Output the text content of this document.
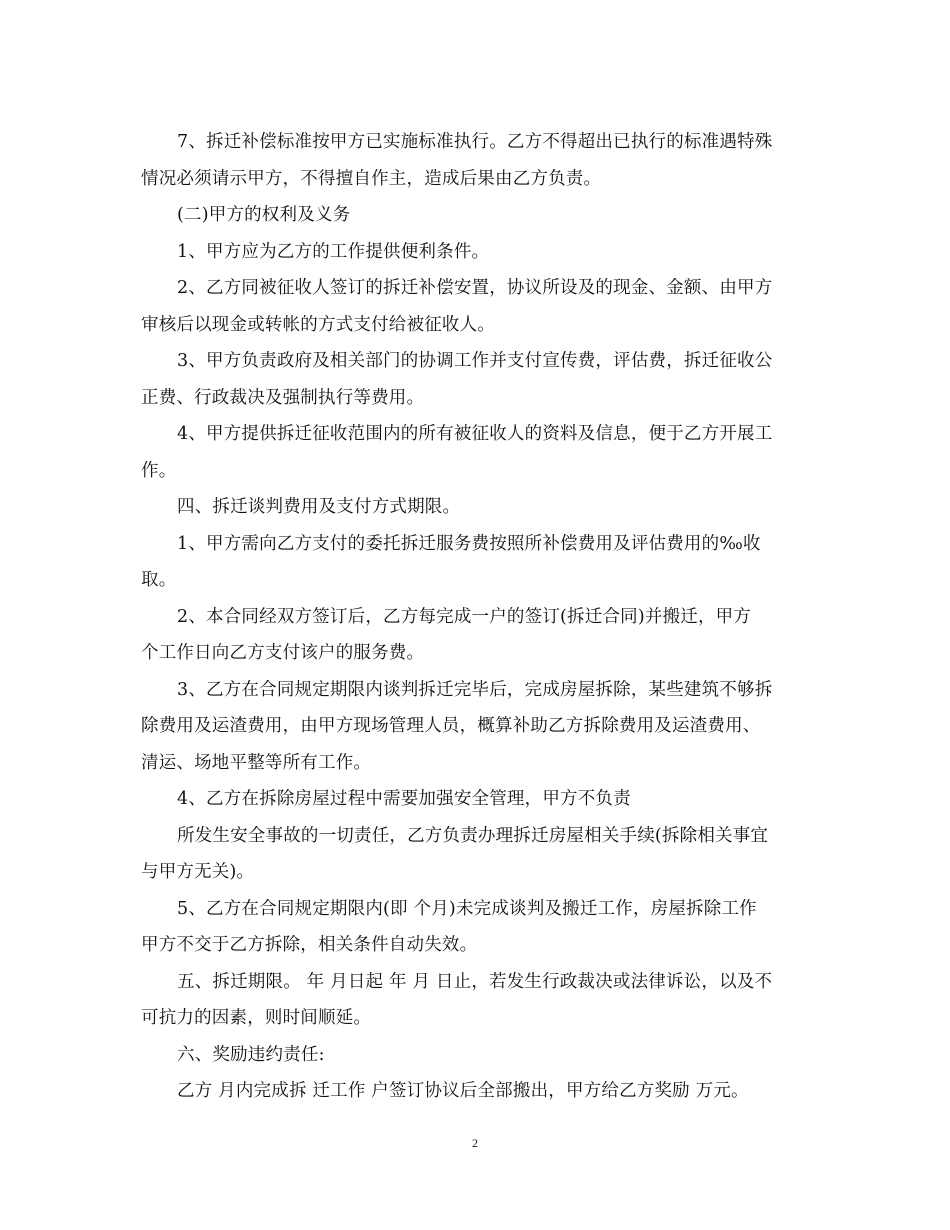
7、拆迁补偿标准按甲方已实施标准执行。乙方不得超出已执行的标准遇特殊
情况必须请示甲方，不得擅自作主，造成后果由乙方负责。
(二)甲方的权利及义务
1、甲方应为乙方的工作提供便利条件。
2、乙方同被征收人签订的拆迁补偿安置，协议所设及的现金、金额、由甲方
审核后以现金或转帐的方式支付给被征收人。
3、甲方负责政府及相关部门的协调工作并支付宣传费，评估费，拆迁征收公
正费、行政裁决及强制执行等费用。
4、甲方提供拆迁征收范围内的所有被征收人的资料及信息，便于乙方开展工
作。
四、拆迁谈判费用及支付方式期限。
1、甲方需向乙方支付的委托拆迁服务费按照所补偿费用及评估费用的‰收
取。
2、本合同经双方签订后，乙方每完成一户的签订(拆迁合同)并搬迁，甲方
个工作日向乙方支付该户的服务费。
3、乙方在合同规定期限内谈判拆迁完毕后，完成房屋拆除，某些建筑不够拆
除费用及运渣费用，由甲方现场管理人员，概算补助乙方拆除费用及运渣费用、
清运、场地平整等所有工作。
4、乙方在拆除房屋过程中需要加强安全管理，甲方不负责
所发生安全事故的一切责任，乙方负责办理拆迁房屋相关手续(拆除相关事宜
与甲方无关)。
5、乙方在合同规定期限内(即 个月)未完成谈判及搬迁工作，房屋拆除工作
甲方不交于乙方拆除，相关条件自动失效。
五、拆迁期限。 年 月日起 年 月 日止，若发生行政裁决或法律诉讼，以及不
可抗力的因素，则时间顺延。
六、奖励违约责任:
乙方 月内完成拆 迁工作 户签订协议后全部搬出，甲方给乙方奖励 万元。
2
